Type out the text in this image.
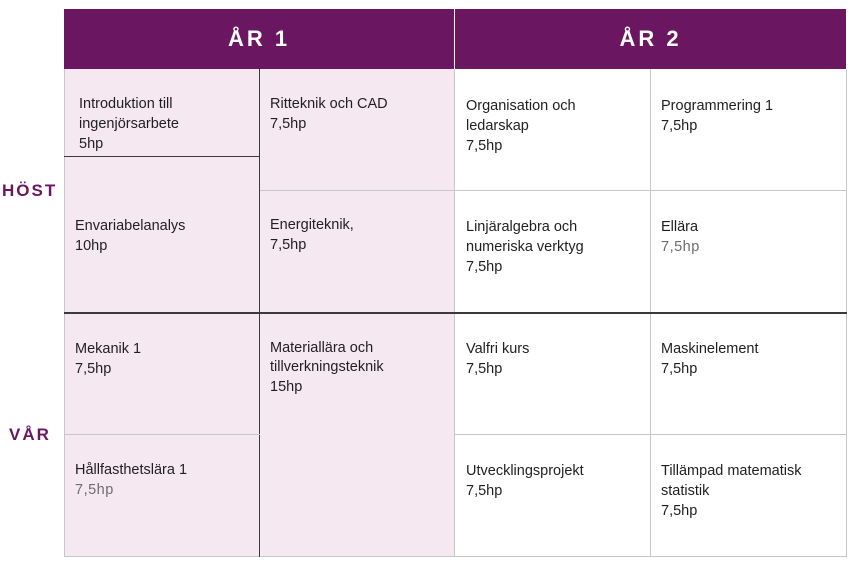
ÅR 1	ÅR 2
HÖST
VÅR
Introduktion till ingenjörsarbete
5hp
Envariabelanalys
10hp
Ritteknik och CAD
7,5hp
Energiteknik,
7,5hp
Organisation och ledarskap
7,5hp
Programmering 1
7,5hp
Linjäralgebra och numeriska verktyg
7,5hp
Ellära
7,5hp
Mekanik 1
7,5hp
Materiallära och tillverkningsteknik
15hp
Hållfasthetslära 1
7,5hp
Valfri kurs
7,5hp
Maskinelement
7,5hp
Utvecklingsprojekt
7,5hp
Tillämpad matematisk statistik
7,5hp
